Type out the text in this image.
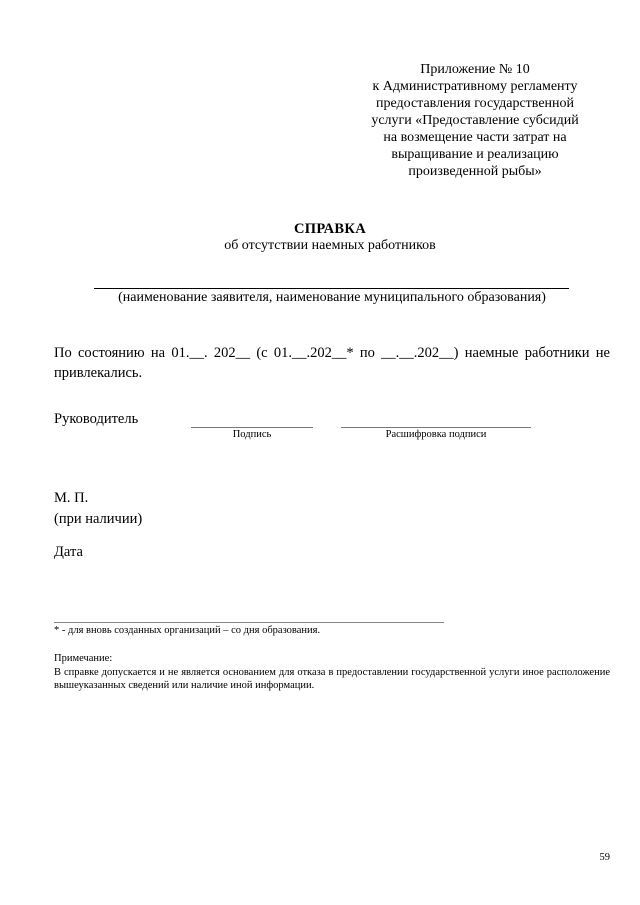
Приложение № 10
к Административному регламенту
предоставления государственной
услуги «Предоставление субсидий
на возмещение части затрат на
выращивание и реализацию
произведенной рыбы»
СПРАВКА
об отсутствии наемных работников
(наименование заявителя, наименование муниципального образования)
По состоянию на 01.__. 202__ (с 01.__.202__* по __.__.202__) наемные работники не привлекались.
Руководитель
Подпись	Расшифровка подписи
М. П.
(при наличии)
Дата
* - для вновь созданных организаций – со дня образования.
Примечание:
В справке допускается и не является основанием для отказа в предоставлении государственной услуги иное расположение вышеуказанных сведений или наличие иной информации.
59
